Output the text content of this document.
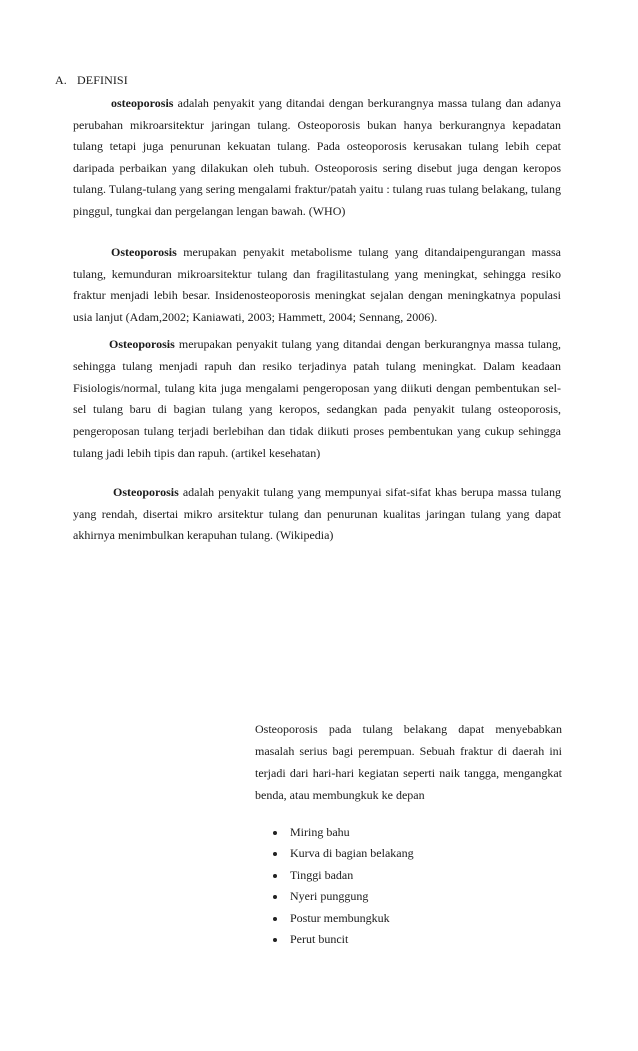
A. DEFINISI
osteoporosis adalah penyakit yang ditandai dengan berkurangnya massa tulang dan adanya perubahan mikroarsitektur jaringan tulang. Osteoporosis bukan hanya berkurangnya kepadatan tulang tetapi juga penurunan kekuatan tulang. Pada osteoporosis kerusakan tulang lebih cepat daripada perbaikan yang dilakukan oleh tubuh. Osteoporosis sering disebut juga dengan keropos tulang. Tulang-tulang yang sering mengalami fraktur/patah yaitu : tulang ruas tulang belakang, tulang pinggul, tungkai dan pergelangan lengan bawah. (WHO)
Osteoporosis merupakan penyakit metabolisme tulang yang ditandaipengurangan massa tulang, kemunduran mikroarsitektur tulang dan fragilitastulang yang meningkat, sehingga resiko fraktur menjadi lebih besar. Insidenosteoporosis meningkat sejalan dengan meningkatnya populasi usia lanjut (Adam,2002; Kaniawati, 2003; Hammett, 2004; Sennang, 2006).
Osteoporosis merupakan penyakit tulang yang ditandai dengan berkurangnya massa tulang, sehingga tulang menjadi rapuh dan resiko terjadinya patah tulang meningkat. Dalam keadaan Fisiologis/normal, tulang kita juga mengalami pengeroposan yang diikuti dengan pembentukan sel-sel tulang baru di bagian tulang yang keropos, sedangkan pada penyakit tulang osteoporosis, pengeroposan tulang terjadi berlebihan dan tidak diikuti proses pembentukan yang cukup sehingga tulang jadi lebih tipis dan rapuh. (artikel kesehatan)
Osteoporosis adalah penyakit tulang yang mempunyai sifat-sifat khas berupa massa tulang yang rendah, disertai mikro arsitektur tulang dan penurunan kualitas jaringan tulang yang dapat akhirnya menimbulkan kerapuhan tulang. (Wikipedia)
Osteoporosis pada tulang belakang dapat menyebabkan masalah serius bagi perempuan. Sebuah fraktur di daerah ini terjadi dari hari-hari kegiatan seperti naik tangga, mengangkat benda, atau membungkuk ke depan
Miring bahu
Kurva di bagian belakang
Tinggi badan
Nyeri punggung
Postur membungkuk
Perut buncit
